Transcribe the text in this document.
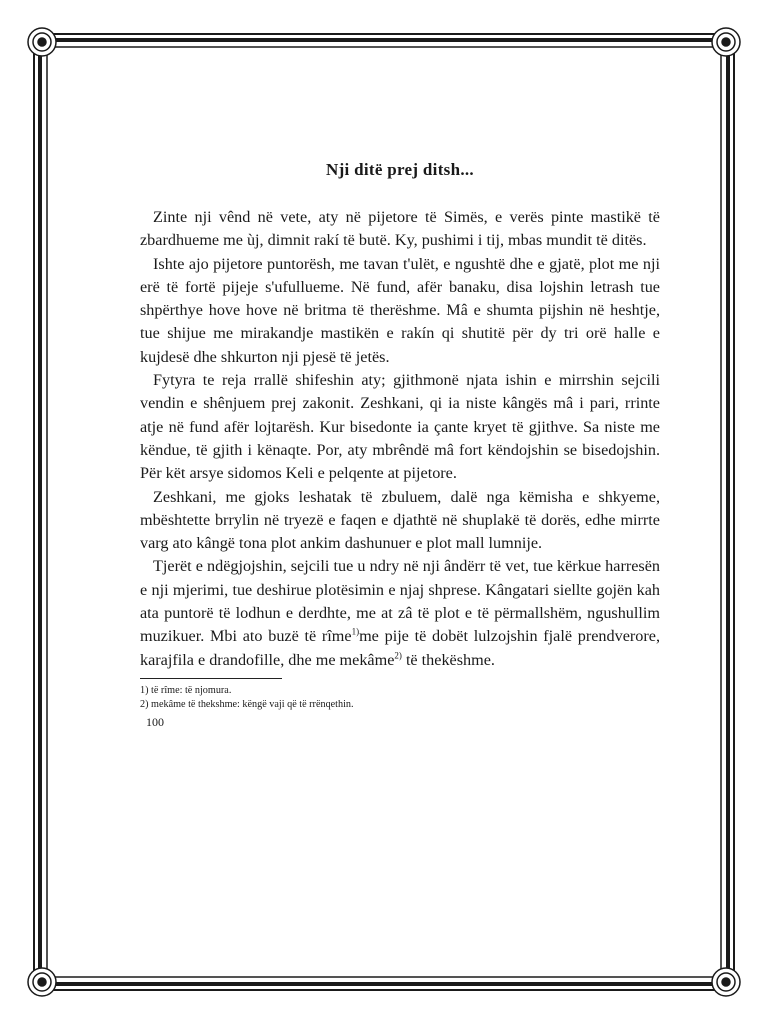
Nji ditë prej ditsh...

Zinte nji vênd në vete, aty në pijetore të Simës, e verës pinte mastikë të zbardhueme me ùj, dimnit rakí të butë. Ky, pushimi i tij, mbas mundit të ditës.

Ishte ajo pijetore puntorësh, me tavan t'ulët, e ngushtë dhe e gjatë, plot me nji erë të fortë pijeje s'ufullueme. Në fund, afër banaku, disa lojshin letrash tue shpërthye hove hove në britma të therëshme. Mâ e shumta pijshin në heshtje, tue shijue me mirakandje mastikën e rakín qi shutitë për dy tri orë halle e kujdesë dhe shkurton nji pjesë të jetës.

Fytyra te reja rrallë shifeshin aty; gjithmonë njata ishin e mirrshin sejcili vendin e shênjuem prej zakonit. Zeshkani, qi ia niste kângës mâ i pari, rrinte atje në fund afër lojtarësh. Kur bisedonte ia çante kryet të gjithve. Sa niste me këndue, të gjith i kënaqte. Por, aty mbrêndë mâ fort këndojshin se bisedojshin. Për kët arsye sidomos Keli e pelqente at pijetore.

Zeshkani, me gjoks leshatak të zbuluem, dalë nga këmisha e shkyeme, mbështette brrylin në tryezë e faqen e djathtë në shuplakë të dorës, edhe mirrte varg ato kângë tona plot ankim dashunuer e plot mall lumnije.

Tjerët e ndëgjojshin, sejcili tue u ndry në nji ândërr të vet, tue kërkue harresën e nji mjerimi, tue deshirue plotësimin e njaj shprese. Kângatari siellte gojën kah ata puntorë të lodhun e derdhte, me at zâ të plot e të përmallshëm, ngushullim muzikuer. Mbi ato buzë të rîme$^{1)}$me pije të dobët lulzojshin fjalë prendverore, karajfila e drandofille, dhe me mekâme$^{2)}$ të thekëshme.

1) të rîme: të njomura.

2) mekâme të thekshme: këngë vaji që të rrënqethin.

100
